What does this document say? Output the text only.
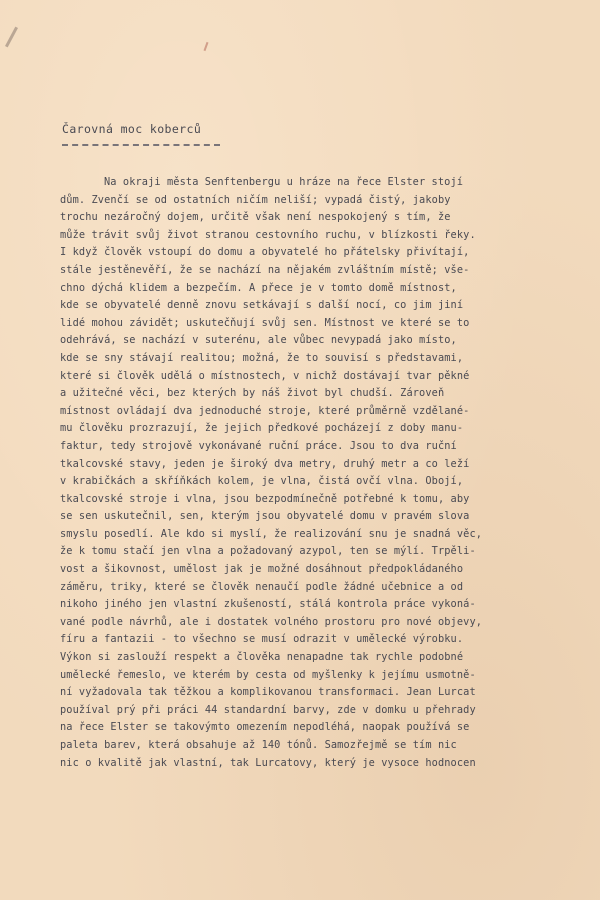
Čarovná moc koberců
Na okraji města Senftenbergu u hráze na řece Elster stojí
dům. Zvenčí se od ostatních ničím neliší; vypadá čistý, jakoby
trochu nezáročný dojem, určitě však není nespokojený s tím, že
může trávit svůj život stranou cestovního ruchu, v blízkosti řeky.
I když člověk vstoupí do domu a obyvatelé ho přátelsky přivítají,
stále jestěnevěří, že se nachází na nějakém zvláštním místě; vše-
chno dýchá klidem a bezpečím. A přece je v tomto domě místnost,
kde se obyvatelé denně znovu setkávají s další nocí, co jim jiní
lidé mohou závidět; uskutečňují svůj sen. Místnost ve které se to
odehrává, se nachází v suterénu, ale vůbec nevypadá jako místo,
kde se sny stávají realitou; možná, že to souvisí s představami,
které si člověk udělá o místnostech, v nichž dostávají tvar pěkné
a užitečné věci, bez kterých by náš život byl chudší. Zároveň
místnost ovládají dva jednoduché stroje, které průměrně vzdělané-
mu člověku prozrazují, že jejich předkové pocházejí z doby manu-
faktur, tedy strojově vykonávané ruční práce. Jsou to dva ruční
tkalcovské stavy, jeden je široký dva metry, druhý metr a co leží
v krabičkách a skříňkách kolem, je vlna, čistá ovčí vlna. Obojí,
tkalcovské stroje i vlna, jsou bezpodmínečně potřebné k tomu, aby
se sen uskutečnil, sen, kterým jsou obyvatelé domu v pravém slova
smyslu posedlí. Ale kdo si myslí, že realizování snu je snadná věc,
že k tomu stačí jen vlna a požadovaný azypol, ten se mýlí. Trpěli-
vost a šikovnost, umělost jak je možné dosáhnout předpokládaného
záměru, triky, které se člověk nenaučí podle žádné učebnice a od
nikoho jiného jen vlastní zkušeností, stálá kontrola práce vykoná-
vané podle návrhů, ale i dostatek volného prostoru pro nové objevy,
fíru a fantazii - to všechno se musí odrazit v umělecké výrobku.
Výkon si zaslouží respekt a člověka nenapadne tak rychle podobné
umělecké řemeslo, ve kterém by cesta od myšlenky k jejímu usmotně-
ní vyžadovala tak těžkou a komplikovanou transformaci. Jean Lurcat
používal prý při práci 44 standardní barvy, zde v domku u přehrady
na řece Elster se takovýmto omezením nepodléhá, naopak používá se
paleta barev, která obsahuje až 140 tónů. Samozřejmě se tím nic
nic o kvalitě jak vlastní, tak Lurcatovy, který je vysoce hodnocen
